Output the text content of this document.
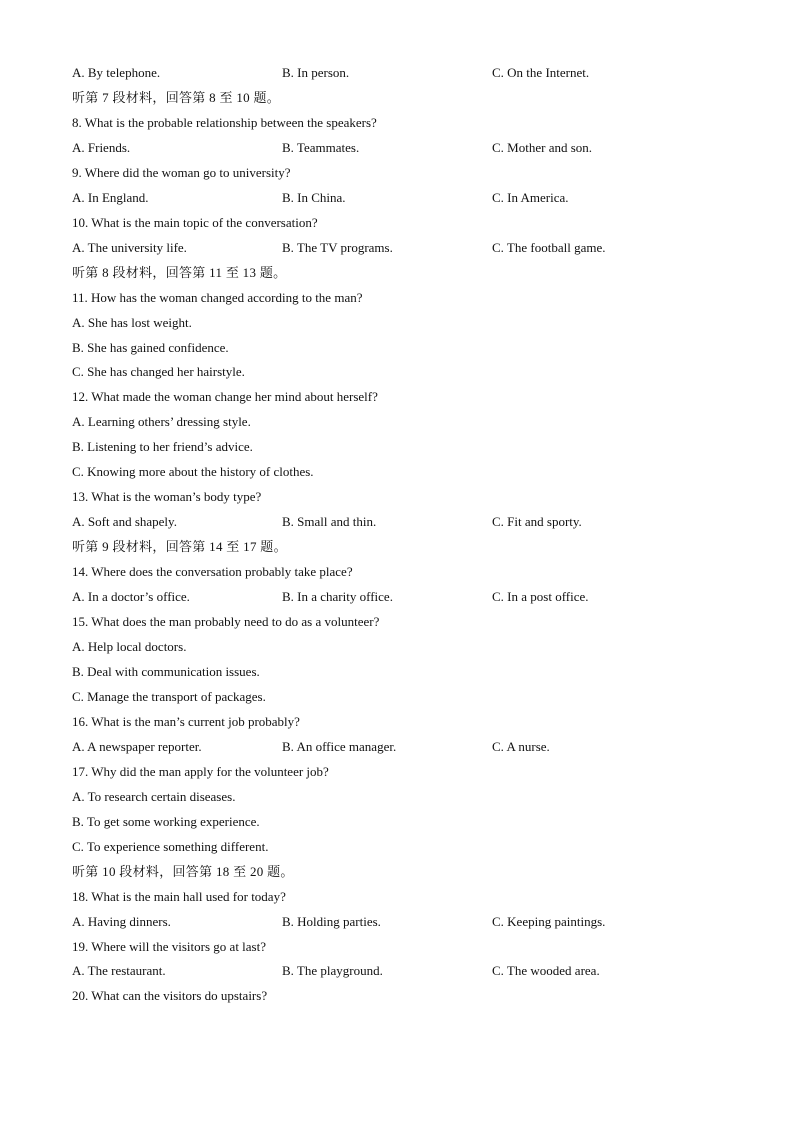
A. By telephone.	B. In person.	C. On the Internet.
听第 7 段材料，回答第 8 至 10 题。
8. What is the probable relationship between the speakers?
A. Friends.	B. Teammates.	C. Mother and son.
9. Where did the woman go to university?
A. In England.	B. In China.	C. In America.
10. What is the main topic of the conversation?
A. The university life.	B. The TV programs.	C. The football game.
听第 8 段材料，回答第 11 至 13 题。
11. How has the woman changed according to the man?
A. She has lost weight.
B. She has gained confidence.
C. She has changed her hairstyle.
12. What made the woman change her mind about herself?
A. Learning others’ dressing style.
B. Listening to her friend’s advice.
C. Knowing more about the history of clothes.
13. What is the woman’s body type?
A. Soft and shapely.	B. Small and thin.	C. Fit and sporty.
听第 9 段材料，回答第 14 至 17 题。
14. Where does the conversation probably take place?
A. In a doctor’s office.	B. In a charity office.	C. In a post office.
15. What does the man probably need to do as a volunteer?
A. Help local doctors.
B. Deal with communication issues.
C. Manage the transport of packages.
16. What is the man’s current job probably?
A. A newspaper reporter.	B. An office manager.	C. A nurse.
17. Why did the man apply for the volunteer job?
A. To research certain diseases.
B. To get some working experience.
C. To experience something different.
听第 10 段材料，回答第 18 至 20 题。
18. What is the main hall used for today?
A. Having dinners.	B. Holding parties.	C. Keeping paintings.
19. Where will the visitors go at last?
A. The restaurant.	B. The playground.	C. The wooded area.
20. What can the visitors do upstairs?
